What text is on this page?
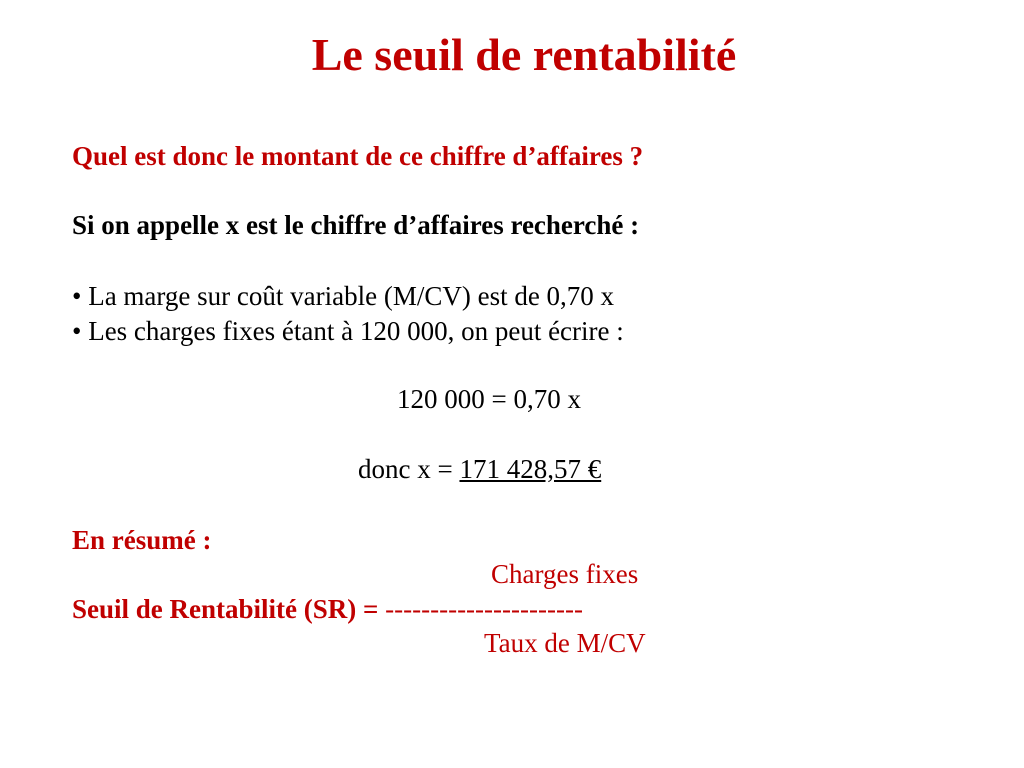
Le seuil de rentabilité
Quel est donc le montant de ce chiffre d’affaires ?
Si on appelle x est le chiffre d’affaires recherché :
• La marge sur coût variable (M/CV) est de 0,70 x
• Les charges fixes étant à 120 000, on peut écrire :
120 000 = 0,70 x
donc x = 171 428,57 €
En résumé :
Charges fixes
Seuil de Rentabilité (SR) = ----------------------
Taux de M/CV
